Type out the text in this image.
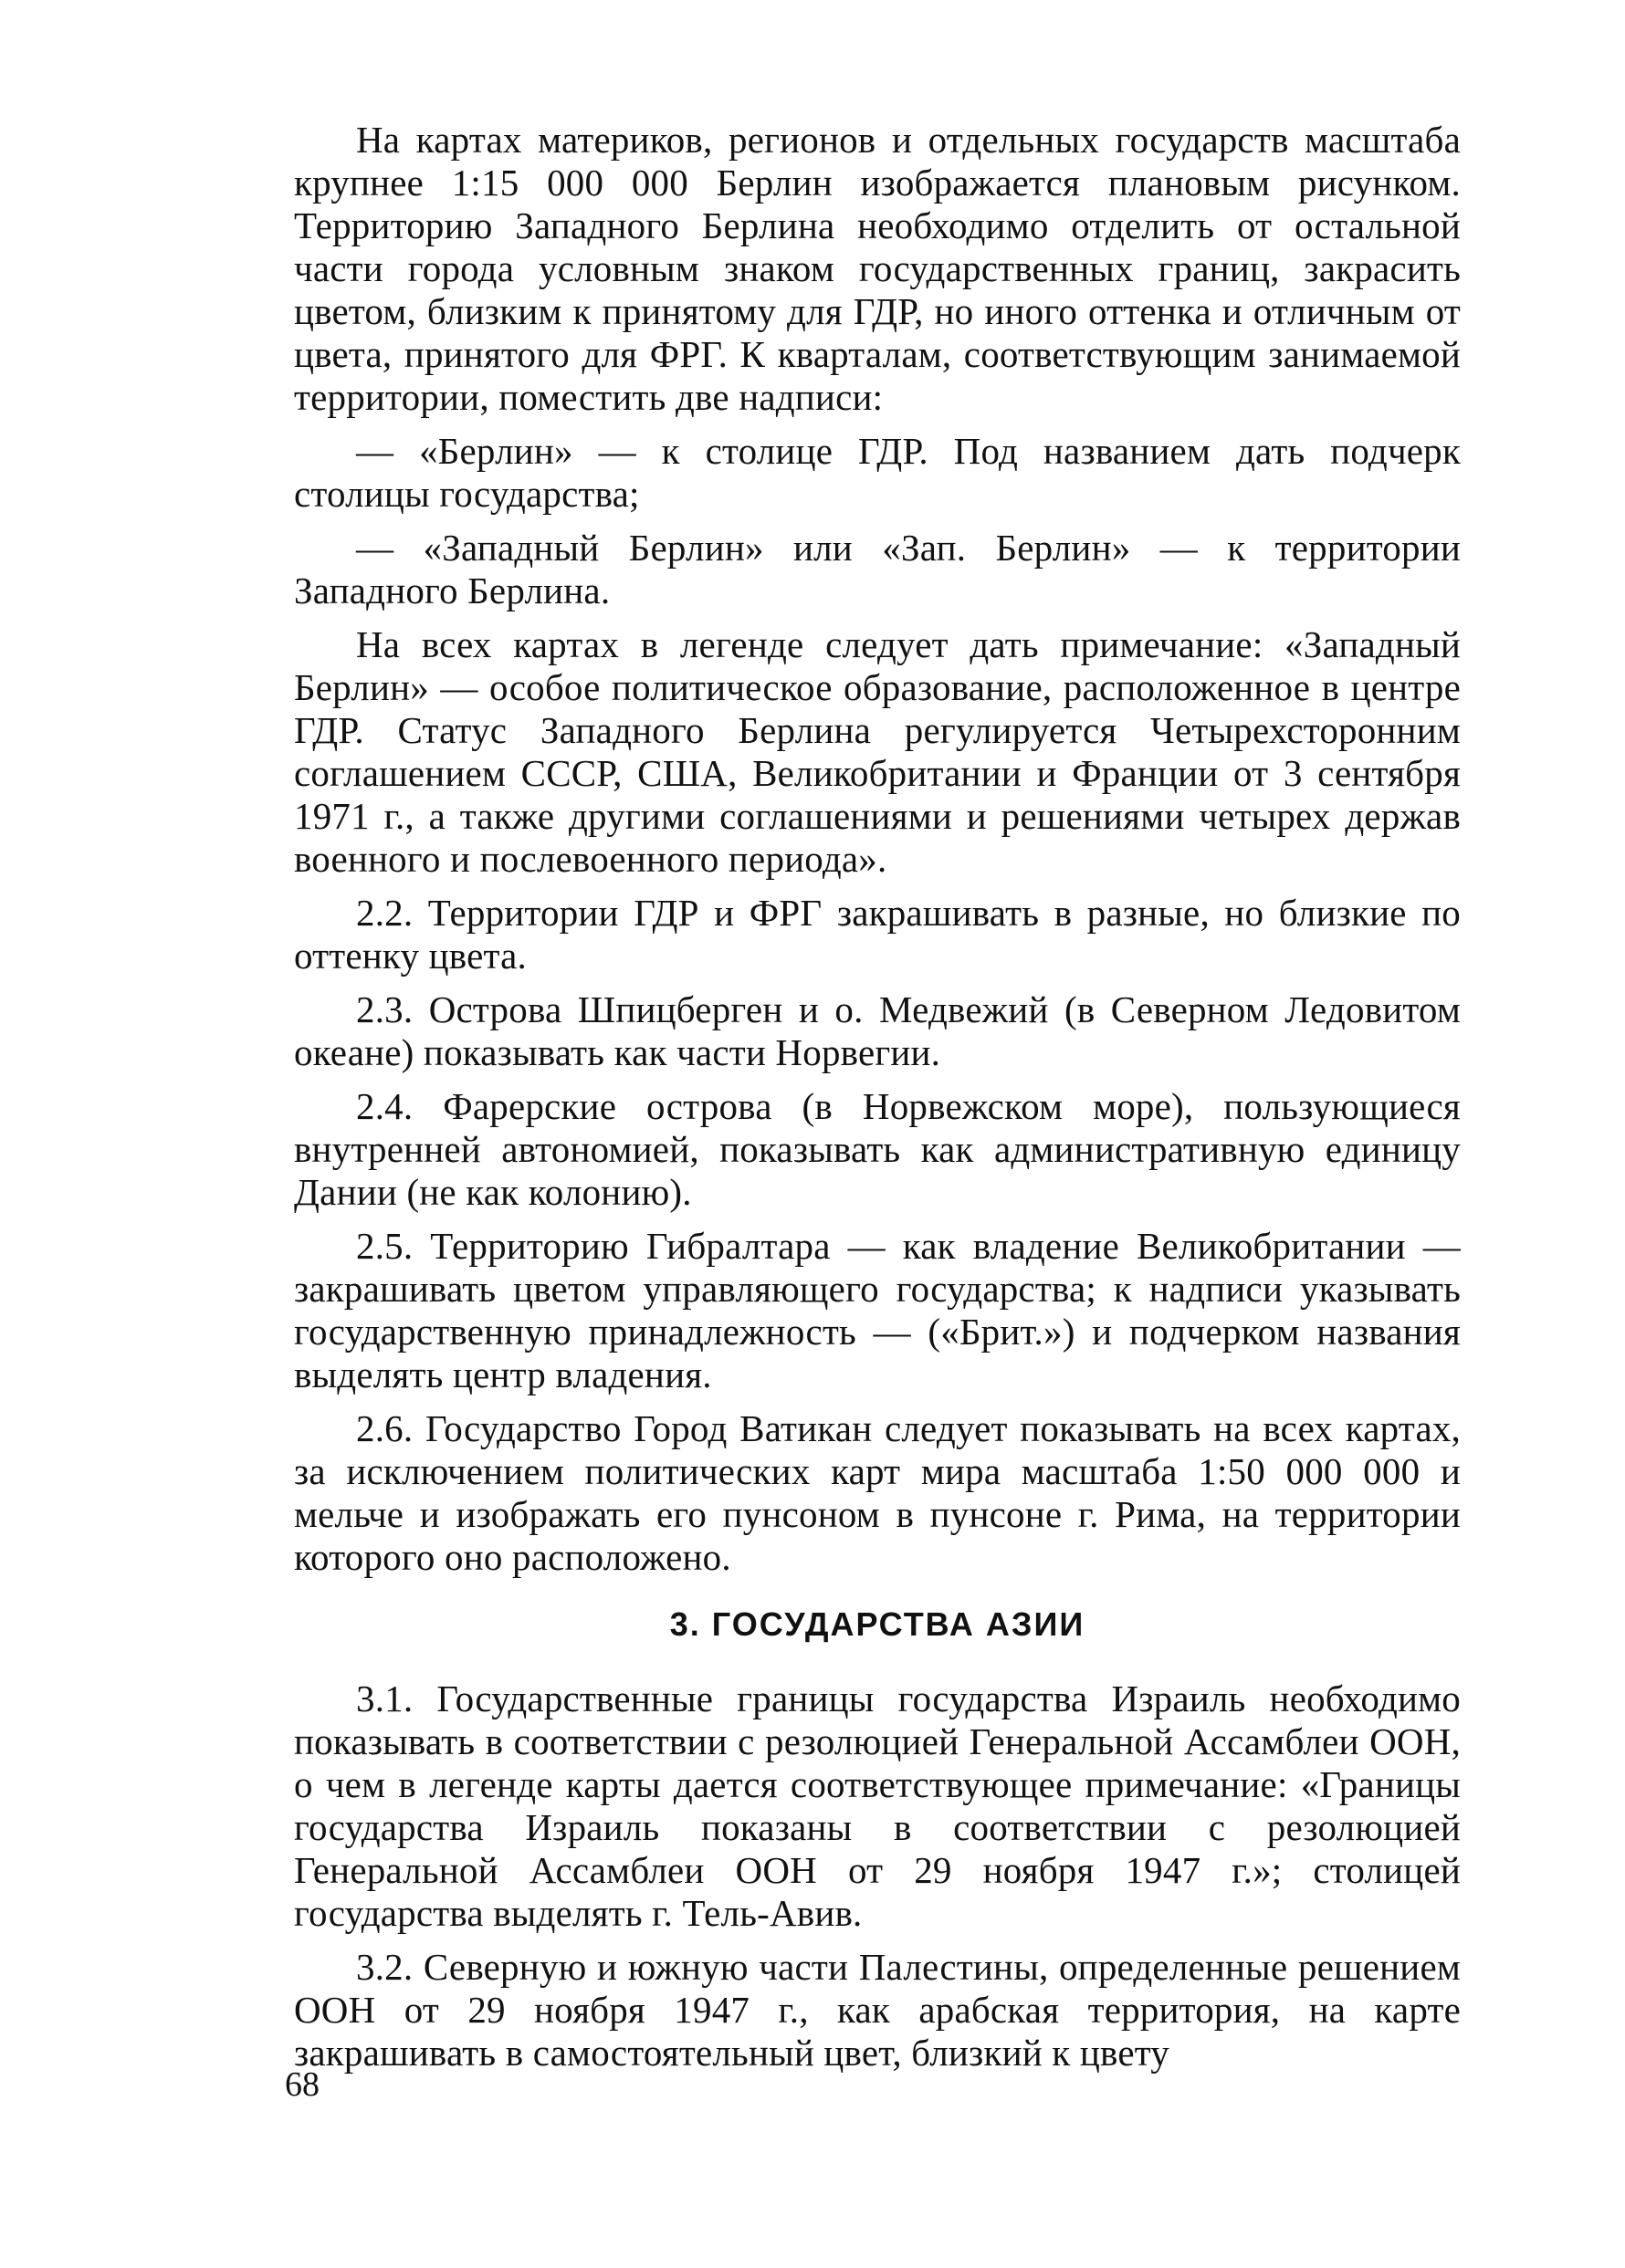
На картах материков, регионов и отдельных государств масштаба крупнее 1:15 000 000 Берлин изображается плановым рисунком. Территорию Западного Берлина необходимо отделить от остальной части города условным знаком государственных границ, закрасить цветом, близким к принятому для ГДР, но иного оттенка и отличным от цвета, принятого для ФРГ. К кварталам, соответствующим занимаемой территории, поместить две надписи:

— «Берлин» — к столице ГДР. Под названием дать подчерк столицы государства;

— «Западный Берлин» или «Зап. Берлин» — к территории Западного Берлина.

На всех картах в легенде следует дать примечание: «Западный Берлин» — особое политическое образование, расположенное в центре ГДР. Статус Западного Берлина регулируется Четырехсторонним соглашением СССР, США, Великобритании и Франции от 3 сентября 1971 г., а также другими соглашениями и решениями четырех держав военного и послевоенного периода».

2.2. Территории ГДР и ФРГ закрашивать в разные, но близкие по оттенку цвета.

2.3. Острова Шпицберген и о. Медвежий (в Северном Ледовитом океане) показывать как части Норвегии.

2.4. Фарерские острова (в Норвежском море), пользующиеся внутренней автономией, показывать как административную единицу Дании (не как колонию).

2.5. Территорию Гибралтара — как владение Великобритании — закрашивать цветом управляющего государства; к надписи указывать государственную принадлежность — («Брит.») и подчерком названия выделять центр владения.

2.6. Государство Город Ватикан следует показывать на всех картах, за исключением политических карт мира масштаба 1:50 000 000 и мельче и изображать его пунсоном в пунсоне г. Рима, на территории которого оно расположено.

3. ГОСУДАРСТВА АЗИИ

3.1. Государственные границы государства Израиль необходимо показывать в соответствии с резолюцией Генеральной Ассамблеи ООН, о чем в легенде карты дается соответствующее примечание: «Границы государства Израиль показаны в соответствии с резолюцией Генеральной Ассамблеи ООН от 29 ноября 1947 г.»; столицей государства выделять г. Тель-Авив.

3.2. Северную и южную части Палестины, определенные решением ООН от 29 ноября 1947 г., как арабская территория, на карте закрашивать в самостоятельный цвет, близкий к цвету

68
